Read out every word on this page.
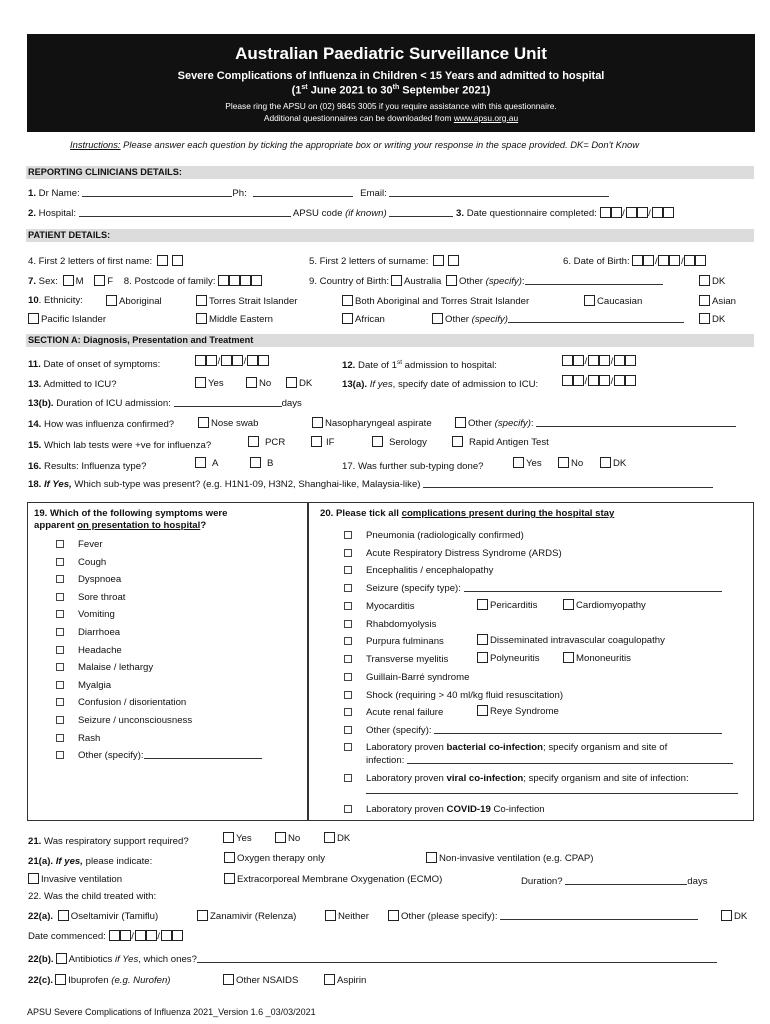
Australian Paediatric Surveillance Unit
Severe Complications of Influenza in Children < 15 Years and admitted to hospital
(1st June 2021 to 30th September 2021)
Please ring the APSU on (02) 9845 3005 if you require assistance with this questionnaire.
Additional questionnaires can be downloaded from www.apsu.org.au
Instructions: Please answer each question by ticking the appropriate box or writing your response in the space provided. DK= Don't Know
REPORTING CLINICIANS DETAILS:
1. Dr Name:	Ph:	Email:
2. Hospital:	APSU code (if known)	3. Date questionnaire completed:	/ /
PATIENT DETAILS:
4. First 2 letters of first name:	5. First 2 letters of surname:	6. Date of Birth:	/ /
7. Sex: M F 8. Postcode of family:	9. Country of Birth: Australia Other (specify):	DK
10. Ethnicity:	Aboriginal	Torres Strait Islander	Both Aboriginal and Torres Strait Islander	Caucasian	Asian
Pacific Islander	Middle Eastern	African	Other (specify)	DK
SECTION A: Diagnosis, Presentation and Treatment
11. Date of onset of symptoms:	/ /	12. Date of 1st admission to hospital:	/ /
13. Admitted to ICU?	Yes	No	DK	13(a). If yes, specify date of admission to ICU:	/ /
13(b). Duration of ICU admission:	days
14. How was influenza confirmed?	Nose swab	Nasopharyngeal aspirate	Other (specify):
15. Which lab tests were +ve for influenza?	PCR	IF	Serology	Rapid Antigen Test
16. Results: Influenza type?	A	B	17. Was further sub-typing done?	Yes	No	DK
18. If Yes, Which sub-type was present? (e.g. H1N1-09, H3N2, Shanghai-like, Malaysia-like)
19. Which of the following symptoms were
apparent on presentation to hospital?
Fever
Cough
Dyspnoea
Sore throat
Vomiting
Diarrhoea
Headache
Malaise / lethargy
Myalgia
Confusion / disorientation
Seizure / unconsciousness
Rash
Other (specify):
20. Please tick all complications present during the hospital stay
Pneumonia (radiologically confirmed)
Acute Respiratory Distress Syndrome (ARDS)
Encephalitis / encephalopathy
Seizure (specify type):
Myocarditis	Pericarditis	Cardiomyopathy
Rhabdomyolysis
Purpura fulminans	Disseminated intravascular coagulopathy
Transverse myelitis	Polyneuritis	Mononeuritis
Guillain-Barré syndrome
Shock (requiring > 40 ml/kg fluid resuscitation)
Acute renal failure	Reye Syndrome
Other (specify):
Laboratory proven bacterial co-infection; specify organism and site of
infection:
Laboratory proven viral co-infection; specify organism and site of infection:
Laboratory proven COVID-19 Co-infection
21. Was respiratory support required?	Yes	No	DK
21(a). If yes, please indicate:	Oxygen therapy only	Non-invasive ventilation (e.g. CPAP)
Invasive ventilation	Extracorporeal Membrane Oxygenation (ECMO)	Duration?	days
22. Was the child treated with:
22(a). Oseltamivir (Tamiflu)	Zanamivir (Relenza)	Neither	Other (please specify):	DK
Date commenced:	/ /
22(b). Antibiotics if Yes, which ones?
22(c). Ibuprofen (e.g. Nurofen)	Other NSAIDS	Aspirin
APSU Severe Complications of Influenza 2021_Version 1.6 _03/03/2021
